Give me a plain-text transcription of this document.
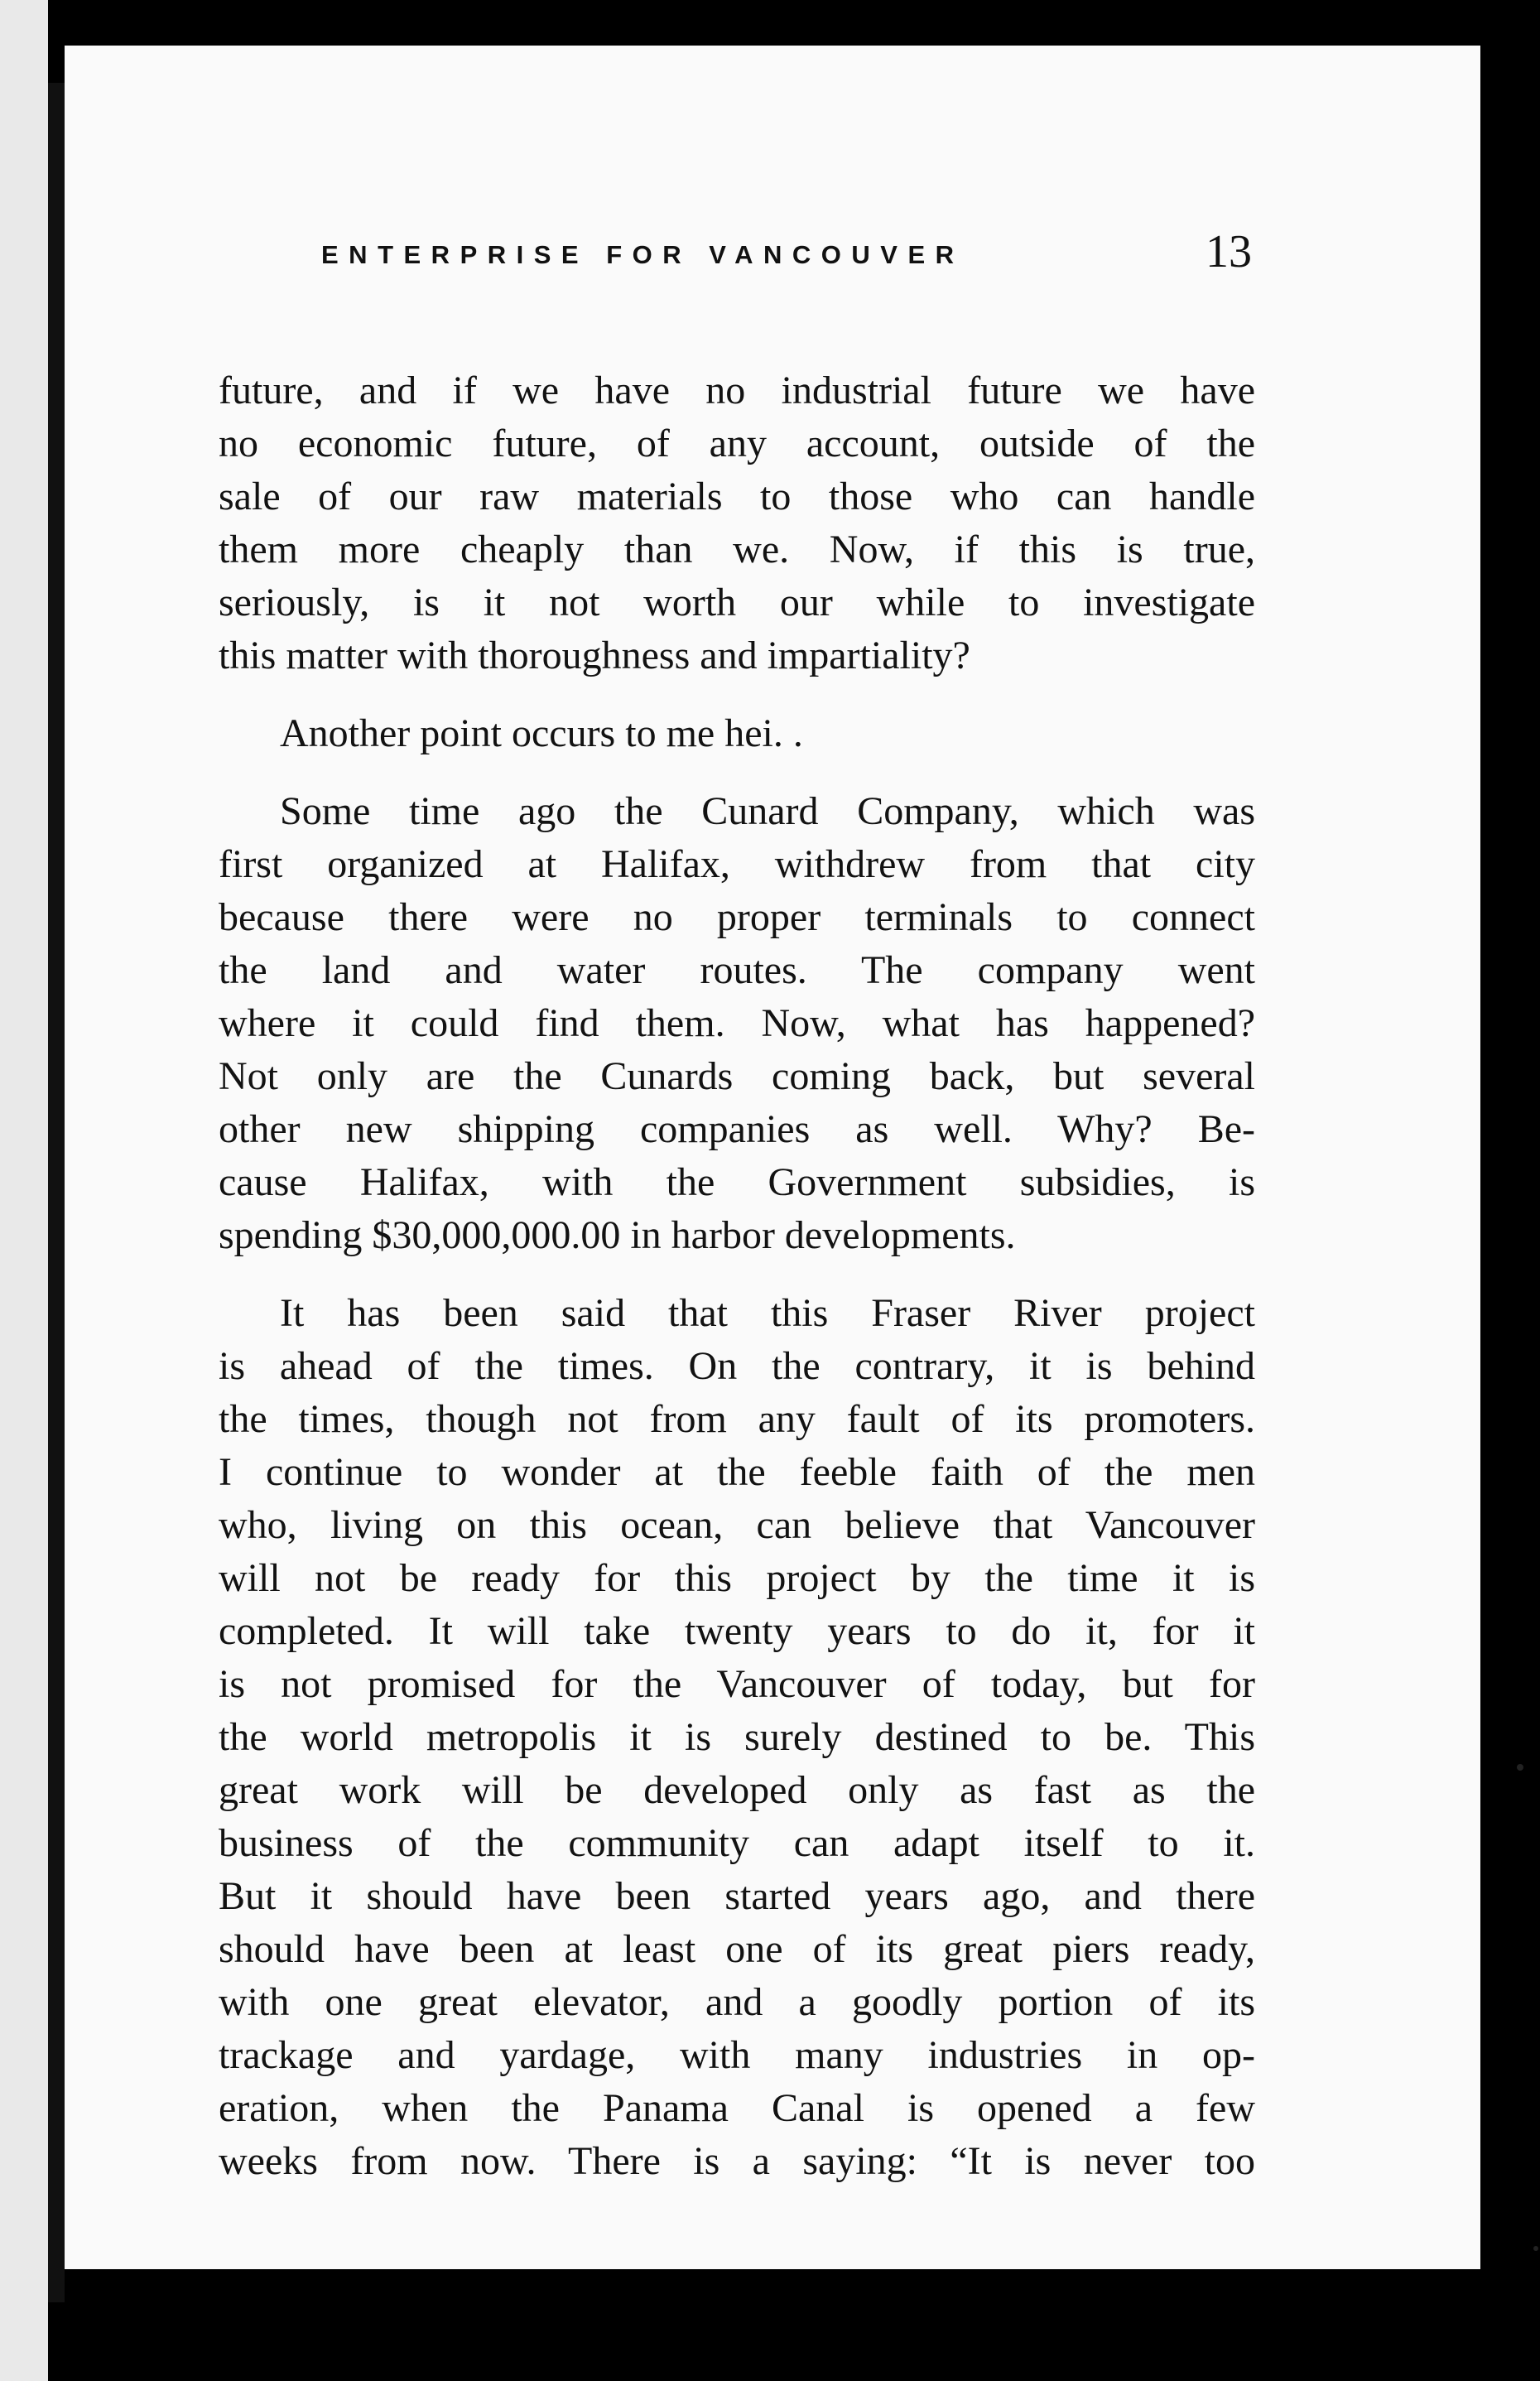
ENTERPRISE FOR VANCOUVER	13
future, and if we have no industrial future we have
no economic future, of any account, outside of the
sale of our raw materials to those who can handle
them more cheaply than we. Now, if this is true,
seriously, is it not worth our while to investigate
this matter with thoroughness and impartiality?
Another point occurs to me hei. .
Some time ago the Cunard Company, which was
first organized at Halifax, withdrew from that city
because there were no proper terminals to connect
the land and water routes. The company went
where it could find them. Now, what has happened?
Not only are the Cunards coming back, but several
other new shipping companies as well. Why? Be-
cause Halifax, with the Government subsidies, is
spending $30,000,000.00 in harbor developments.
It has been said that this Fraser River project
is ahead of the times. On the contrary, it is behind
the times, though not from any fault of its promoters.
I continue to wonder at the feeble faith of the men
who, living on this ocean, can believe that Vancouver
will not be ready for this project by the time it is
completed. It will take twenty years to do it, for it
is not promised for the Vancouver of today, but for
the world metropolis it is surely destined to be. This
great work will be developed only as fast as the
business of the community can adapt itself to it.
But it should have been started years ago, and there
should have been at least one of its great piers ready,
with one great elevator, and a goodly portion of its
trackage and yardage, with many industries in op-
eration, when the Panama Canal is opened a few
weeks from now. There is a saying: “It is never too
